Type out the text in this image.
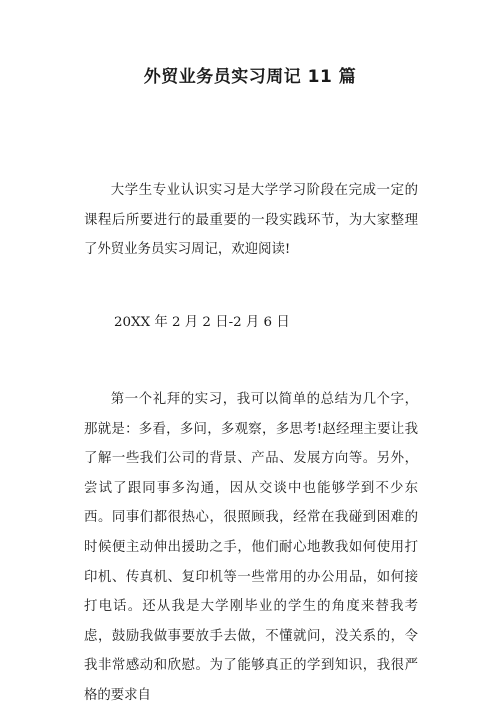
外贸业务员实习周记 11 篇

大学生专业认识实习是大学学习阶段在完成一定的课程后所要进行的最重要的一段实践环节，为大家整理了外贸业务员实习周记，欢迎阅读!

20XX 年 2 月 2 日-2 月 6 日

第一个礼拜的实习，我可以简单的总结为几个字，那就是：多看，多问，多观察，多思考!赵经理主要让我了解一些我们公司的背景、产品、发展方向等。另外，尝试了跟同事多沟通，因从交谈中也能够学到不少东西。同事们都很热心，很照顾我，经常在我碰到困难的时候便主动伸出援助之手，他们耐心地教我如何使用打印机、传真机、复印机等一些常用的办公用品，如何接打电话。还从我是大学刚毕业的学生的角度来替我考虑，鼓励我做事要放手去做，不懂就问，没关系的，令我非常感动和欣慰。为了能够真正的学到知识，我很严格的要求自
